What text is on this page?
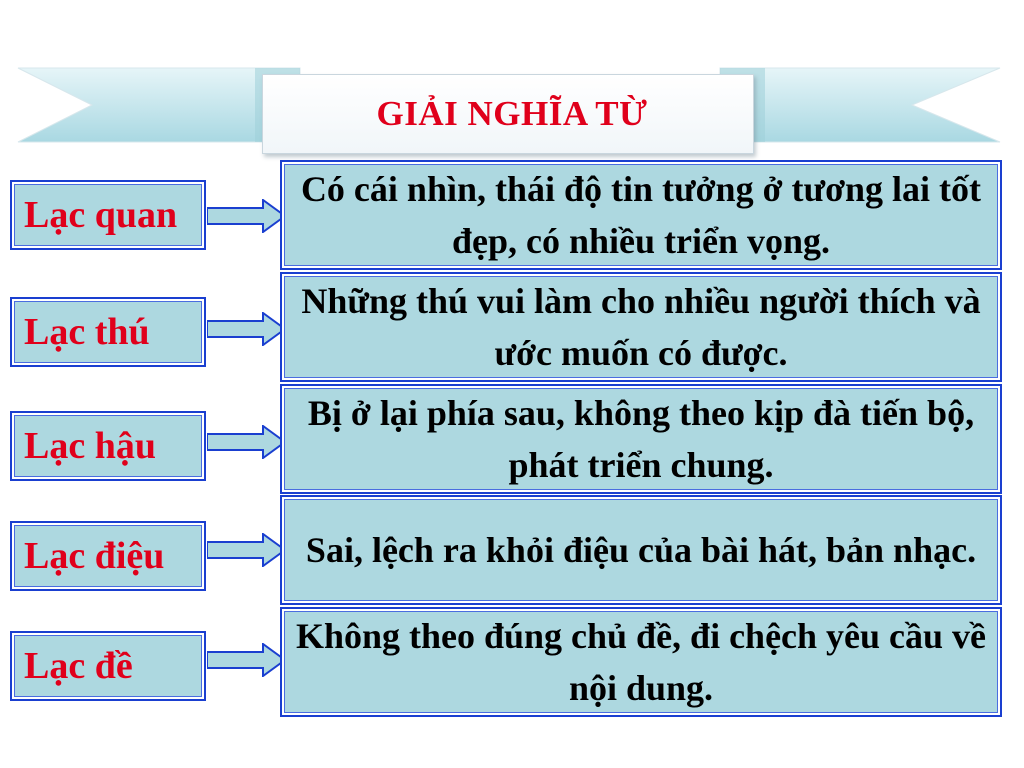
GIẢI NGHĨA TỪ
Lạc quan
Có cái nhìn, thái độ tin tưởng ở tương lai tốt đẹp, có nhiều triển vọng.
Lạc thú
Những thú vui làm cho nhiều người thích và ước muốn có được.
Lạc hậu
Bị ở lại phía sau, không theo kịp đà tiến bộ, phát triển chung.
Lạc điệu	Sai, lệch ra khỏi điệu của bài hát, bản nhạc.
Lạc đề
Không theo đúng chủ đề, đi chệch yêu cầu về nội dung.
